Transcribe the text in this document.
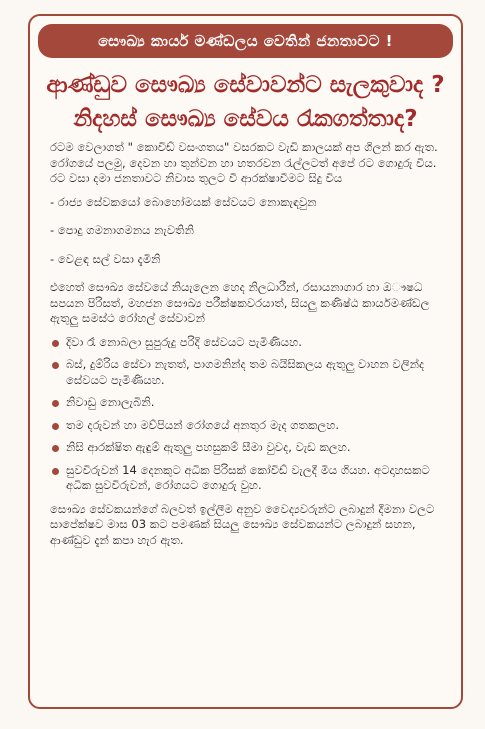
සෞඛ්‍ය කාර්ය මණ්ඩලය වෙතින් ජනතාවට !
ආණ්ඩුව සෞඛ්‍ය සේවාවන්ට සැලකුවාද ?
නිදහස් සෞඛ්‍ය සේවය රැකගත්තාද?

රටම වෙලාගත් " කොවිඩ් වසංගතය" වසරකට වැඩි කාලයක් අප ගිලන් කර ඇත. රෝගයේ පලමු, දෙවන හා තුන්වන හා හතරවන රැල්ලටත් අපේ රට ගොදුරු විය. රට වසා දමා ජනතාවට නිවාස තුලට වී ආරක්ෂාවීමට සිදු විය

- රාජ්‍ය සේවකයෝ බොහෝමයක් සේවයට නොකැඳවුන
- පොදු ගමනාගමනය නැවතිනි
- වෙළඳ සල් වසා දැමිනි

එහෙත් සෞඛ්‍ය සේවයේ නියැලෙන හෙද නිලධාරීන්, රසායනාගාර හා ඔෟෂධ සපයන පිරිසත්, මහජන සෞඛ්‍ය පරීක්ෂකවරයාත්, සියලු කණිෂ්ඨ කාර්යමණ්ඩල ඇතුලු සමස්ථ රෝහල් සේවාවන්

දිවා රෑ නොබලා සුපුරුදු පරිදි සේවයට පැමිණියහ.
බස්, දුම්රිය සේවා නැතත්, පාගමනින්ද තම බයිසිකලය ඇතුලු වාහන වලින්ද සේවයට පැමිණියහ.
නිවාඩු නොලැබිනි.
තම දරුවන් හා මව්පියන් රෝගයේ අනතුර මැද ගතකලහ.
නිසි ආරක්ෂිත ඇඳුම් ඇතුලු පහසුකම් සීමා වුවද, වැඩ කලහ.
සුවවිරුවන් 14 දෙනකුට අධික පිරිසක් කෝවිඩ් වැලදී මිය ගියහ. අටදාහසකට අධික සුවවිරුවන්, රෝගයට ගොදුරු වුහ.

සෞඛ්‍ය සේවකයන්ගේ බලවත් ඉල්ලීම අනුව වෛද්‍යවරුන්ට ලබාදුන් දීමනා වලට සාපේක්ෂව මාස 03 කට පමණක් සියලු සෞඛ්‍ය සේවකයන්ට ලබාදුන් සහන, ආණ්ඩුව දැන් කපා හැර ඇත.
